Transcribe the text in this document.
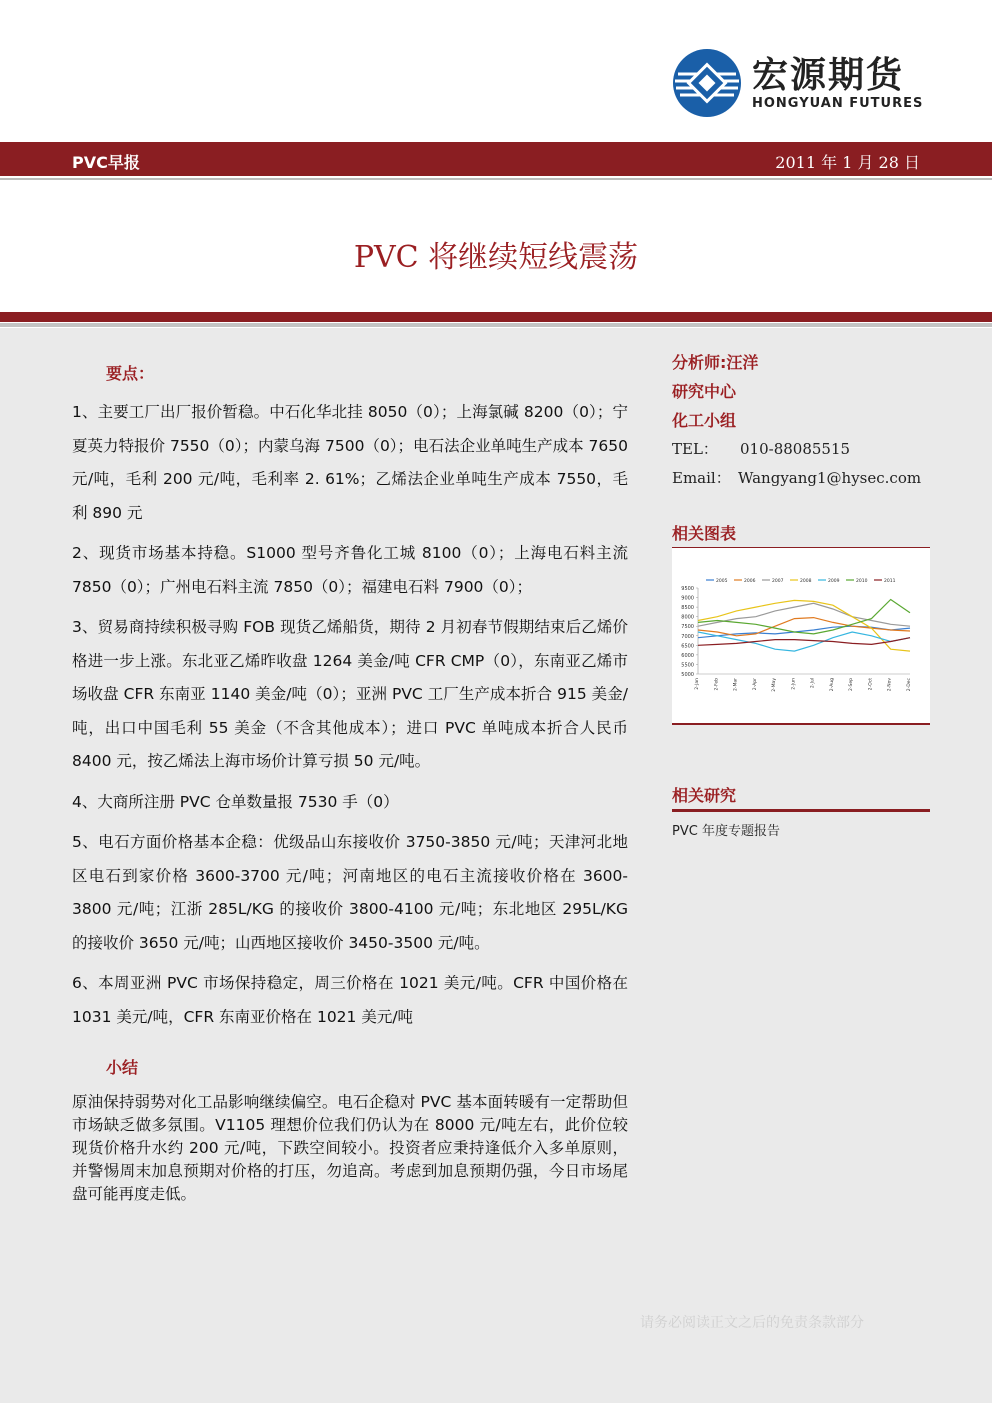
宏源期货
HONGYUAN FUTURES
PVC早报	2011 年 1 月 28 日
PVC 将继续短线震荡
要点：

1、主要工厂出厂报价暂稳。中石化华北挂 8050（0）；上海氯碱 8200（0）；宁夏英力特报价 7550（0）；内蒙乌海 7500（0）；电石法企业单吨生产成本 7650 元/吨，毛利 200 元/吨，毛利率 2. 61%；乙烯法企业单吨生产成本 7550，毛利 890 元

2、现货市场基本持稳。S1000 型号齐鲁化工城 8100（0）；上海电石料主流 7850（0）；广州电石料主流 7850（0）；福建电石料 7900（0）；

3、贸易商持续积极寻购 FOB 现货乙烯船货，期待 2 月初春节假期结束后乙烯价格进一步上涨。东北亚乙烯昨收盘 1264 美金/吨 CFR CMP（0），东南亚乙烯市场收盘 CFR 东南亚 1140 美金/吨（0）；亚洲 PVC 工厂生产成本折合 915 美金/吨，出口中国毛利 55 美金（不含其他成本）；进口 PVC 单吨成本折合人民币 8400 元，按乙烯法上海市场价计算亏损 50 元/吨。

4、大商所注册 PVC 仓单数量报 7530 手（0）

5、电石方面价格基本企稳：优级品山东接收价 3750-3850 元/吨；天津河北地区电石到家价格 3600-3700 元/吨；河南地区的电石主流接收价格在 3600-3800 元/吨；江浙 285L/KG 的接收价 3800-4100 元/吨；东北地区 295L/KG 的接收价 3650 元/吨；山西地区接收价 3450-3500 元/吨。

6、本周亚洲 PVC 市场保持稳定，周三价格在 1021 美元/吨。CFR 中国价格在 1031 美元/吨，CFR 东南亚价格在 1021 美元/吨

小结
原油保持弱势对化工品影响继续偏空。电石企稳对 PVC 基本面转暖有一定帮助但市场缺乏做多氛围。V1105 理想价位我们仍认为在 8000 元/吨左右，此价位较现货价格升水约 200 元/吨，下跌空间较小。投资者应秉持逢低介入多单原则，并警惕周末加息预期对价格的打压，勿追高。考虑到加息预期仍强，今日市场尾盘可能再度走低。
分析师:汪洋
研究中心
化工小组
TEL： 010-88085515
Email： Wangyang1@hysec.com
相关图表
9500
9000
8500
8000
7500
7000
6500
6000
5500
5000
2-Jan	2-Feb	2-Mar	2-Apr	2-May	2-Jun	2-Jul	2-Aug	2-Sep	2-Oct	2-Nov	2-Dec
2005	2006	2007	2008	2009	2010	2011
相关研究
PVC 年度专题报告
请务必阅读正文之后的免责条款部分
